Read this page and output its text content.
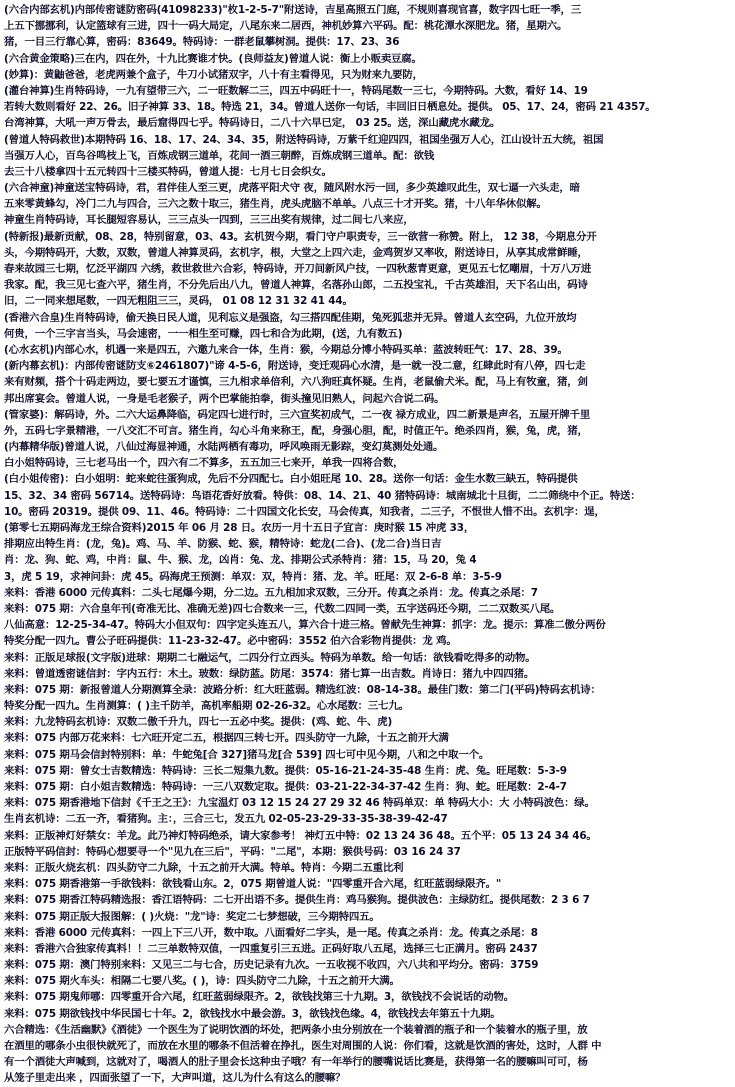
(六合内部玄机)内部传密谜防密码(41098233)"枚1-2-5-7"附送诗，吉星高照五门庭，不规则喜现官喜，数字四七旺一季，三
上五下挪挪利，认定篮球有三进，四十一码大局定，八尾东来二居西，神机妙算六平码。配：桃花潭水深肥龙。猪，星期六。
猪，一目三行靠心算，密码：83649。特码诗：一群老鼠攀树洞。提供：17、23、36
(六合黄金策略)三在内，四在外，十九比赛谁才快。(良师益友)曾道人说：衡上小贩卖豆腐。
(妙算)：黄鼬爸爸，老虎两兼个盒子，牛刀小试猪双字，八十有主看得见，只为财来九要防，
(灌台神算)生肖特码诗，一九有望带三六，二一旺数解二三，四五中码旺十一，特码尾数一三七，今期特码。大数，看好 14、19
若转大数则看好 22、26。旧子神算 33、18。特选 21，34。曾道人送你一句话，丰回旧日栖息处。提供。 05、17、24，密码 21 4357。
台湾神算，大吼一声万骨去，最后窟得四七乎。特码诗日，二八十六早已定， 03 25。送，深山藏虎水藏龙。
(曾道人特码救世)本期特码 16、18、17、24、34、35，附送特码诗，万紫千红迎四四，祖国坐强万人心，江山设计五大统，祖国
当强万人心，百鸟谷鸣枝上飞，百炼成钢三道单，花间一酒三朝醉，百炼成钢三道单。配：欲钱
去三十八楼拿四十五元转四十三楼买特码，曾道人提：七月七日会织女。
(六合神童)神童送宝特码诗，君，君伴佳人至三更，虎落平阳犬守 夜，随风附水污一回，多少英雄叹此生，双七逼一六头走，暗
五来零黄蜂勾，冷门二九与四合，三六之数十取三，猪生肖，虎头虎脑不单单。八点三十才开奖。猪，十八年华休似解。
神童生肖特码诗，耳长腿短容易认，三三点头一四到，三三出奖有规律，过二间七八来应，
(特新报)最新贡献，08、28，特别留意，03、43。玄机贺今期，看门守户职责专，三一欲营一称赞。附上， 12 38，今期息分开
头，今期特码开，大数，双数，曾道人神算灵码，玄机字，根，大堂之上四六走，金鸡贺岁又率收，附送诗日，从享其成常鲜睡，
春来故园三七期，忆泛平湖四 六绣，救世救世六合彩，特码诗，开刀间新风户技，一四秋葱青更意，更见五七忆嘲眉，十万八万进
我家。配，我三见七查六平，猪生肖，不分先后出八九，曾道人神算，名落孙山郎，二五投宝礼，千古英雄泪，天下名山出，码诗
旧，二一同来想尾数，一四无粗阻三三，灵码， 01 08 12 31 32 41 44。
(香港六合皇)生肖特码诗，偷天换日民人道，见利忘义是强盗，勾三搭四配佳期，兔死狐悲并无异。曾道人玄空码，九位开放均
何贵，一个三字言当头，马会速密，一一相生至可赚，四七和合为此期，(送，九有数五)
(心水玄机)内部心水，机遇一来是四五，六邀九来合一体，生肖：猴，今期总分博小特码买单：蓝波转旺气：17、28、39。
(新内幕玄机)：内部传密谜防支⑥2461807)"谛 4-5-6，附送诗，变迁观码心水清，是一就一没二意，红肆此时有八停，四七走
来有财频，搭个十码走两边，要七要五才谨慎，三九相求单倍利，六八狗旺真怀疑。生肖，老鼠偷犬米。配，马上有牧童，猪，剑
邦出席宴会。曾道人说，一身是毛老猴子，两个巴掌能拍拳，街头撞见旧熟人，问起六合说二码。
(管家婆)：解码诗，外。二六大运鼻降临，码定四七进行时，三六宣奖初成气，二一夜 禄方成业，四二新景是声名，五屋开牌千里
外，五码七字景精港，一八交汇不可言。猪生肖，勾心斗角来称王，配，身强心胆，配，时值正午。绝杀四肖，猴，兔，虎，猪，
(内幕精华版)曾道人说，八仙过海显神通，水陆两栖有毒功，呼风唤雨无影踪，变幻莫测处处通。
白小姐特码诗，三七老马出一个，四六有二不算多，五五加三七来开，单我一四将合数，
(白小姐传密)：白小姐明：蛇来蛇往蛋狗成，先后不分四配七。白小姐旺尾 10、28。送你一句话：金生水数三缺五，特码提供
15、32、34 密码 56714。送特码诗：鸟语花香好放看。特供：08、14、21、40 猪特码诗：城南城北十旦街，二二筛绕中个正。特送：
10。密码 20319。提供 09、11、46。特码诗：二十四国文化长安，马会传真，知我者，二三子，不恨世人惜不出。玄机字：逞，
(第零七五期码海龙王综合资料)2015 年 06 月 28 日。农历一月十五日子宜言：庚时猴 15 冲虎 33，
排期应出特生肖：(龙，兔)。鸡、马、羊、防猴、蛇、猴，精特诗：蛇龙(二合)、(龙二合)当日吉
肖：龙、狗、蛇、鸡，中肖：鼠、牛、猴、龙，凶肖：兔、龙、排期公式杀特肖：猪：15，马 20，兔 4
3，虎 5 19，求神问卦：虎 45。码海虎王预测：单双：双，特肖：猪、龙、羊。旺尾：双 2-6-8 单：3-5-9
来料：香港 6000 元传真料：二头七尾爆今期，分二边。五九相加求双数，三分开。传真之杀肖：龙。传真之杀尾：7
来料：075 期：六合皇年刊(奇准无比、准确无差)四七合数来一三，代数二四同一类，五字送码还今期，二二双数买八尾。
八仙高意：12-25-34-47。特码大小但双句：四字定头连五八，算六合十进三格。曾献先生神算：抓字：龙。提示：算准二傲分两份
特奖分配一四九。曹公子旺码提供：11-23-32-47。必中密码：3552 伯六合彩物肖提供：龙 鸡。
来料：正版足球报(文字版)进球：期期二七融运气，二四分行立西头。特码为单数。给一句话：欲钱看吃得多的动物。
来料：曾道透密谜信封：字内五行：木土。玻数：绿防蓝。防尾：3574：猪七算一出吉数。肖诗日：猪九中四四猪。
来料：075 期：新报曾道人分期测算全录：波路分析：红大旺蓝弱。精选红波：08-14-38。最佳门数：第二门(平码)特码玄机诗：
特奖分配一四九。生肖测算：( )主千防羊，高机率船期 02-26-32。心水尾数：三七九。
来料：九龙特码玄机诗：双数二傲千升九，四七一五必中奖。提供：(鸡、蛇、牛、虎)
来料：075 内部万花来料：七六旺开定二五，根据四三转七开。四头防守一九除，十五之前开大满
来料：075 期马会信封特别料：单：牛蛇兔[合 327]猪马龙[合 539] 四七可中见今期，八和之中取一个。
来料：075 期：曾女士吉数精选：特码诗：三长二短集九数。提供：05-16-21-24-35-48 生肖：虎、兔。旺尾数：5-3-9
来料：075 期：白小姐吉数精选：特码诗：一三八双数定取。提供：03-21-22-34-37-42 生肖：狗、蛇。旺尾数：2-4-7
来料：075 期香港地下信封《千王之王》：九宝温灯 03 12 15 24 27 29 32 46 特码单双：单 特码大小：大 小特码波色：绿。
生肖玄机诗：二五一齐，看猪狗。主：，三合三七，发五九 02-05-23-29-33-35-38-39-42-47
来料：正版神灯好禁女：羊龙。此乃神灯特码绝杀，请大家参考！ 神灯五中特：02 13 24 36 48。五个平：05 13 24 34 46。
正版特平码信封：特码心想要寻一个"见九在三后"，平码："二尾"，本期：猴供号码：03 16 24 37
来料：正版火烧玄机：四头防守二九除，十五之前开大满。特单。特肖：今期二五重比利
来料：075 期香港第一手欲钱料：欲钱看山东。2，075 期曾道人说："四零重开合六尾，红旺蓝弱绿限齐。"
来料：075 期香江特码精选报：香江语特码：二七开出语不多。提供生肖：鸡马猴狗。提供波色：主绿防红。提供尾数：2 3 6 7
来料：075 期正版大报图解：( )火烧："龙"诗：奖定二七梦想破，三今期特四五。
来料：香港 6000 元传真料：一四上下三八开，数中取。八面看好二字头，是一尾。传真之杀肖：龙。传真之杀尾：8
来料：香港六合独家传真料！！二三单数特双值，一四重复引三五进。正码好取八五尾，选择三七正满月。密码 2437
来料：075 期：澳门特别来料：又见三二与七合，历史记录有九次。一五收视不收四，六八共和平均分。密码：3759
来料：075 期火车头：相隔二七要八奖。( )，诗：四头防守二九除，十五之前开大满。
来料：075 期鬼师哪：四零重开合六尾，红旺蓝弱绿限齐。2，欲钱找第三十九期。3，欲钱找不会说话的动物。
来料：075 期欲钱找中华民国七十年。2，欲钱找水中最会游。3，欲钱找色缘。4，欲钱找去年第五十九期。
六合精选：《生活幽默》《酒徒》一个医生为了说明饮酒的坏处，把两条小虫分别放在一个装着酒的瓶子和一个装着水的瓶子里，放
在酒里的哪条小虫很快就死了，而放在水里的哪条不但活着在挣扎，医生对周围的人说：你们看，这就是饮酒的害处，这时，人群 中
有一个酒徒大声喊到，这就对了，喝酒人的肚子里会长这种虫子哦？有一年举行的腰嘴说话比赛是，获得第一名的腰嘛叫可可，杨
从笼子里走出来 ，四面张望了一下，大声叫道，这儿为什么有这么的腰嘛？
